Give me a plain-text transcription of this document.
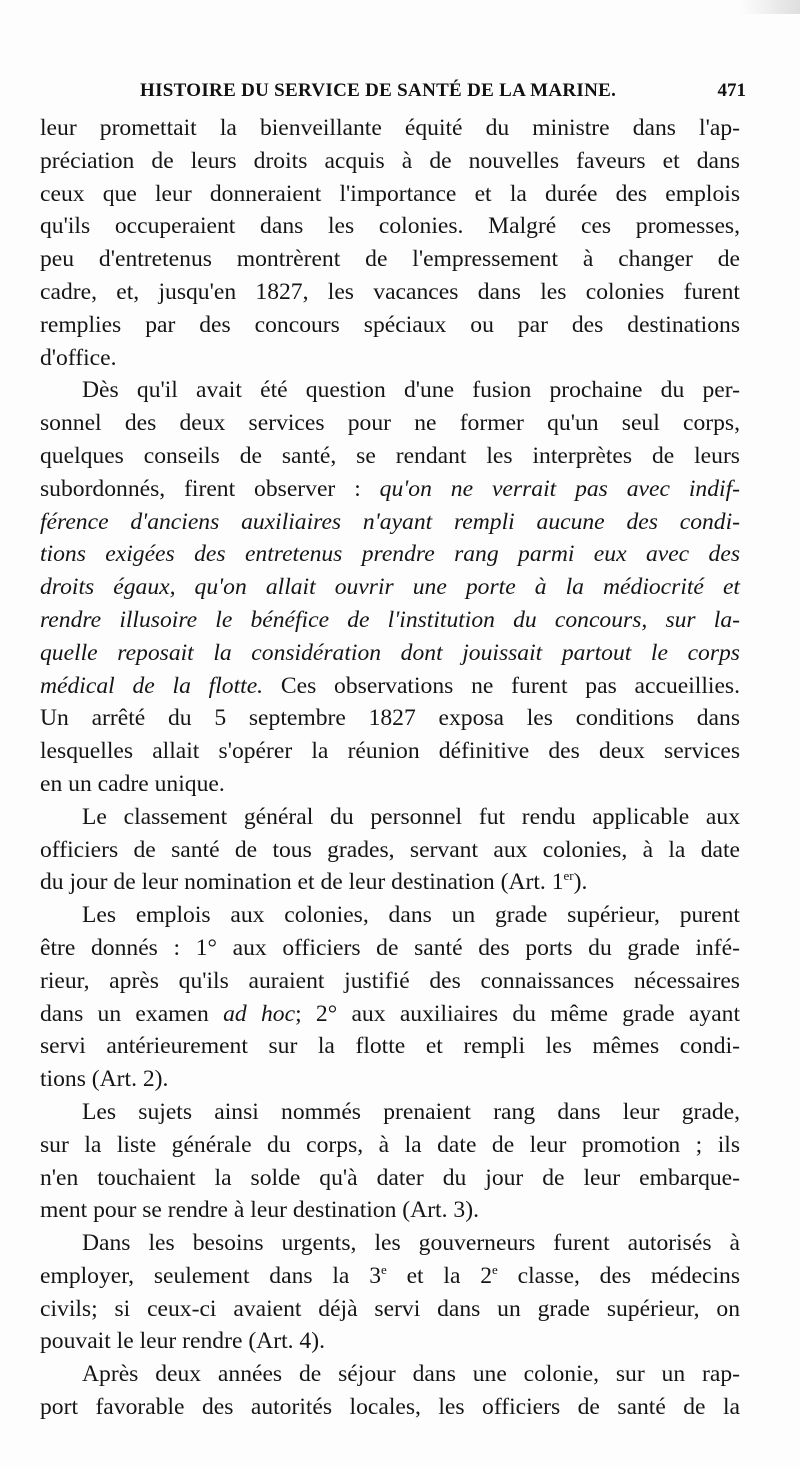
HISTOIRE DU SERVICE DE SANTÉ DE LA MARINE.	471
leur promettait la bienveillante équité du ministre dans l'ap-
préciation de leurs droits acquis à de nouvelles faveurs et dans
ceux que leur donneraient l'importance et la durée des emplois
qu'ils occuperaient dans les colonies. Malgré ces promesses,
peu d'entretenus montrèrent de l'empressement à changer de
cadre, et, jusqu'en 1827, les vacances dans les colonies furent
remplies par des concours spéciaux ou par des destinations
d'office.
Dès qu'il avait été question d'une fusion prochaine du per-
sonnel des deux services pour ne former qu'un seul corps,
quelques conseils de santé, se rendant les interprètes de leurs
subordonnés, firent observer : qu'on ne verrait pas avec indif-
férence d'anciens auxiliaires n'ayant rempli aucune des condi-
tions exigées des entretenus prendre rang parmi eux avec des
droits égaux, qu'on allait ouvrir une porte à la médiocrité et
rendre illusoire le bénéfice de l'institution du concours, sur la-
quelle reposait la considération dont jouissait partout le corps
médical de la flotte. Ces observations ne furent pas accueillies.
Un arrêté du 5 septembre 1827 exposa les conditions dans
lesquelles allait s'opérer la réunion définitive des deux services
en un cadre unique.
Le classement général du personnel fut rendu applicable aux
officiers de santé de tous grades, servant aux colonies, à la date
du jour de leur nomination et de leur destination (Art. 1er).
Les emplois aux colonies, dans un grade supérieur, purent
être donnés : 1° aux officiers de santé des ports du grade infé-
rieur, après qu'ils auraient justifié des connaissances nécessaires
dans un examen ad hoc; 2° aux auxiliaires du même grade ayant
servi antérieurement sur la flotte et rempli les mêmes condi-
tions (Art. 2).
Les sujets ainsi nommés prenaient rang dans leur grade,
sur la liste générale du corps, à la date de leur promotion ; ils
n'en touchaient la solde qu'à dater du jour de leur embarque-
ment pour se rendre à leur destination (Art. 3).
Dans les besoins urgents, les gouverneurs furent autorisés à
employer, seulement dans la 3e et la 2e classe, des médecins
civils; si ceux-ci avaient déjà servi dans un grade supérieur, on
pouvait le leur rendre (Art. 4).
Après deux années de séjour dans une colonie, sur un rap-
port favorable des autorités locales, les officiers de santé de la
